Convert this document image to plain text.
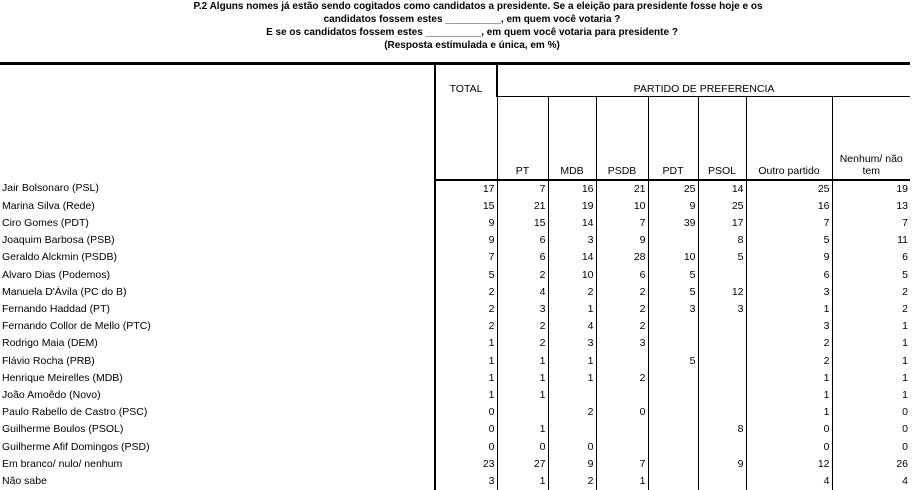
P.2 Alguns nomes já estão sendo cogitados como candidatos a presidente. Se a eleição para presidente fosse hoje e os
candidatos fossem estes __________, em quem você votaria ?
E se os candidatos fossem estes __________, em quem você votaria para presidente ?
(Resposta estimulada e única, em %)
	TOTAL	PARTIDO DE PREFERENCIA						
		PT	MDB	PSDB	PDT	PSOL	Outro partido	Nenhum/ não tem
Jair Bolsonaro (PSL)	17	7	16	21	25	14	25	19
Marina Silva (Rede)	15	21	19	10	9	25	16	13
Ciro Gomes (PDT)	9	15	14	7	39	17	7	7
Joaquim Barbosa (PSB)	9	6	3	9		8	5	11
Geraldo Alckmin (PSDB)	7	6	14	28	10	5	9	6
Alvaro Dias (Podemos)	5	2	10	6	5		6	5
Manuela D'Ávila (PC do B)	2	4	2	2	5	12	3	2
Fernando Haddad (PT)	2	3	1	2	3	3	1	2
Fernando Collor de Mello (PTC)	2	2	4	2			3	1
Rodrigo Maia (DEM)	1	2	3	3			2	1
Flávio Rocha (PRB)	1	1	1		5		2	1
Henrique Meirelles (MDB)	1	1	1	2			1	1
João Amoêdo (Novo)	1	1					1	1
Paulo Rabello de Castro (PSC)	0		2	0			1	0
Guilherme Boulos (PSOL)	0	1				8	0	0
Guilherme Afif Domingos (PSD)	0	0	0				0	0
Em branco/ nulo/ nenhum	23	27	9	7		9	12	26
Não sabe	3	1	2	1			4	4
